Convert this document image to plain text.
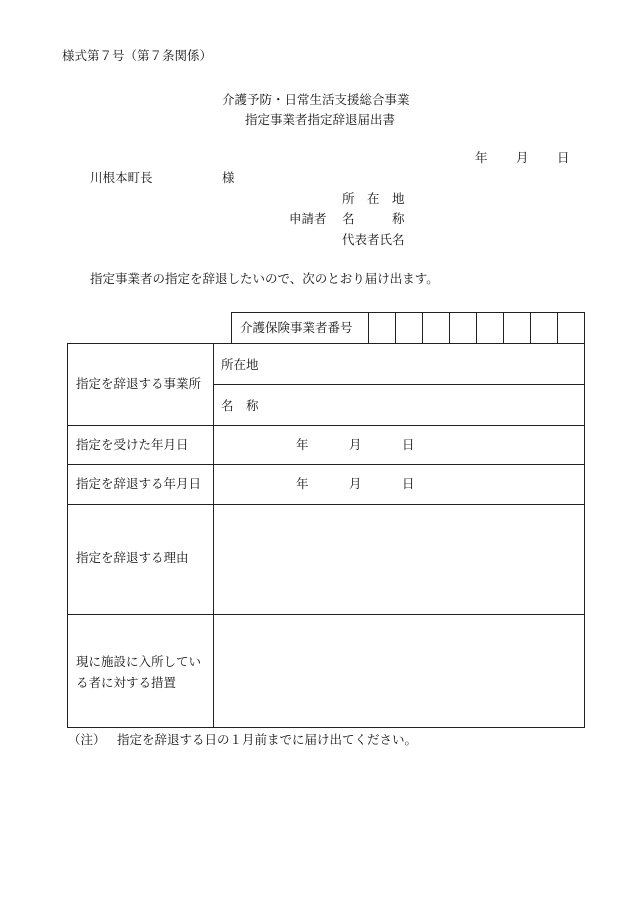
様式第７号（第７条関係）
介護予防・日常生活支援総合事業
指定事業者指定辞退届出書
年 月 日
川根本町長	様
所　在　地
申請者 名　　　称
代表者氏名
指定事業者の指定を辞退したいので、次のとおり届け出ます。
介護保険事業者番号
指定を辞退する事業所
所在地
名　称
指定を受けた年月日	年	月	日
指定を辞退する年月日	年	月	日
指定を辞退する理由
現に施設に入所してい
る者に対する措置
（注） 指定を辞退する日の１月前までに届け出てください。
